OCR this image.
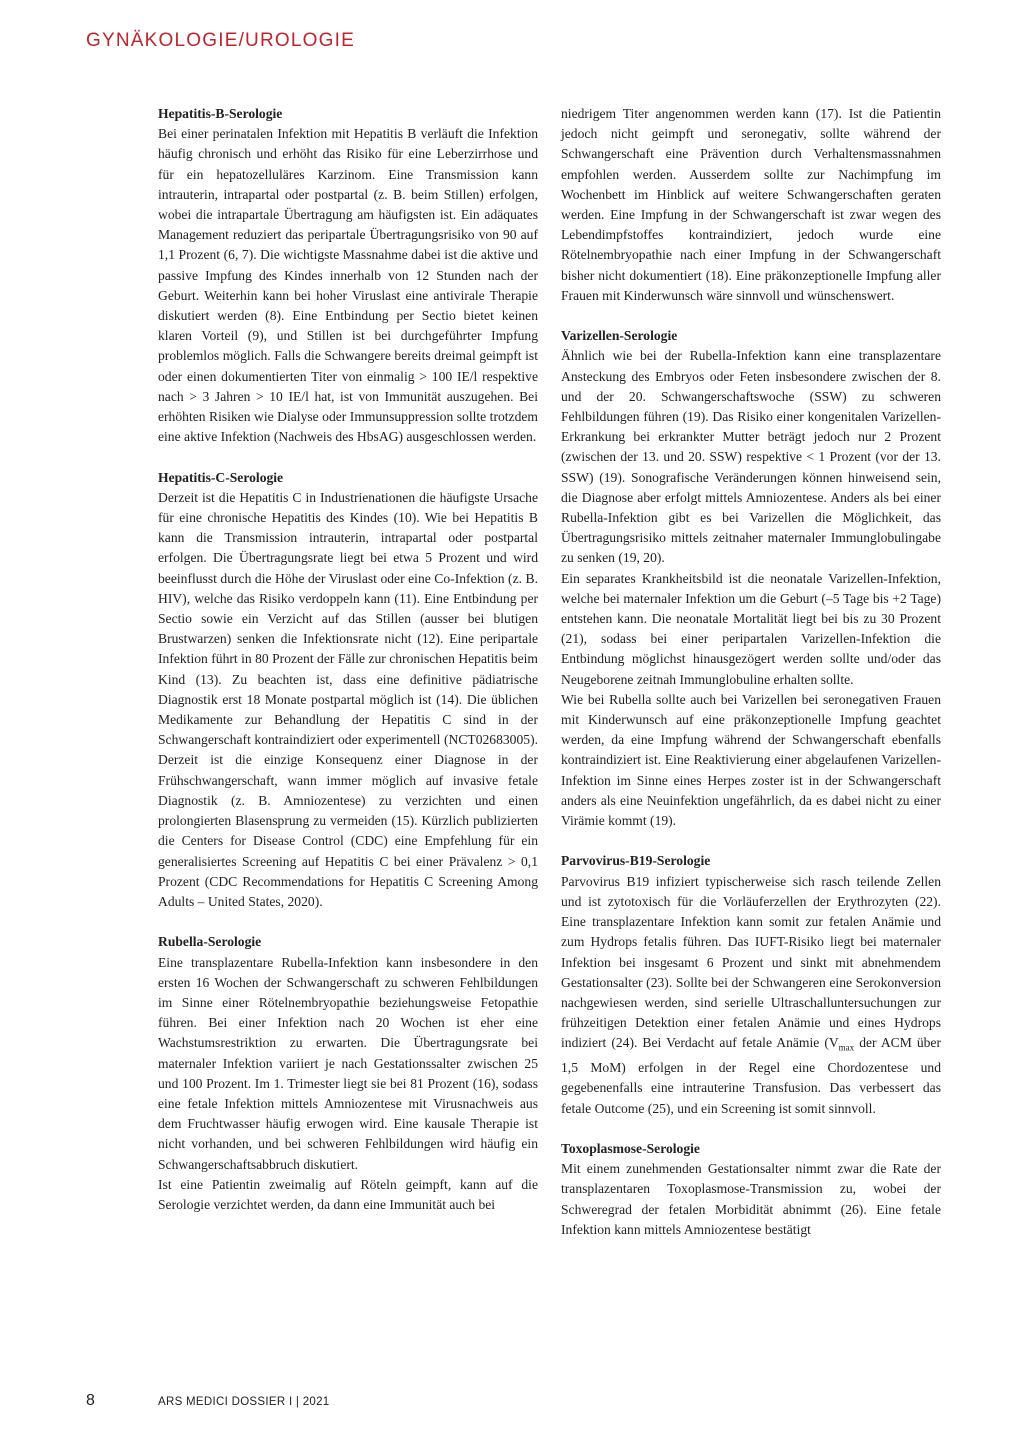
GYNÄKOLOGIE/UROLOGIE
Hepatitis-B-Serologie

Bei einer perinatalen Infektion mit Hepatitis B verläuft die Infektion häufig chronisch und erhöht das Risiko für eine Leberzirrhose und für ein hepatozelluläres Karzinom. Eine Transmission kann intrauterin, intrapartal oder postpartal (z. B. beim Stillen) erfolgen, wobei die intrapartale Übertragung am häufigsten ist. Ein adäquates Management reduziert das peripartale Übertragungsrisiko von 90 auf 1,1 Prozent (6, 7). Die wichtigste Massnahme dabei ist die aktive und passive Impfung des Kindes innerhalb von 12 Stunden nach der Geburt. Weiterhin kann bei hoher Viruslast eine antivirale Therapie diskutiert werden (8). Eine Entbindung per Sectio bietet keinen klaren Vorteil (9), und Stillen ist bei durchgeführter Impfung problemlos möglich. Falls die Schwangere bereits dreimal geimpft ist oder einen dokumentierten Titer von einmalig > 100 IE/l respektive nach > 3 Jahren > 10 IE/l hat, ist von Immunität auszugehen. Bei erhöhten Risiken wie Dialyse oder Immunsuppression sollte trotzdem eine aktive Infektion (Nachweis des HbsAG) ausgeschlossen werden.

Hepatitis-C-Serologie

Derzeit ist die Hepatitis C in Industrienationen die häufigste Ursache für eine chronische Hepatitis des Kindes (10). Wie bei Hepatitis B kann die Transmission intrauterin, intrapartal oder postpartal erfolgen. Die Übertragungsrate liegt bei etwa 5 Prozent und wird beeinflusst durch die Höhe der Viruslast oder eine Co-Infektion (z. B. HIV), welche das Risiko verdoppeln kann (11). Eine Entbindung per Sectio sowie ein Verzicht auf das Stillen (ausser bei blutigen Brustwarzen) senken die Infektionsrate nicht (12). Eine peripartale Infektion führt in 80 Prozent der Fälle zur chronischen Hepatitis beim Kind (13). Zu beachten ist, dass eine definitive pädiatrische Diagnostik erst 18 Monate postpartal möglich ist (14). Die üblichen Medikamente zur Behandlung der Hepatitis C sind in der Schwangerschaft kontraindiziert oder experimentell (NCT02683005). Derzeit ist die einzige Konsequenz einer Diagnose in der Frühschwangerschaft, wann immer möglich auf invasive fetale Diagnostik (z. B. Amniozentese) zu verzichten und einen prolongierten Blasensprung zu vermeiden (15). Kürzlich publizierten die Centers for Disease Control (CDC) eine Empfehlung für ein generalisiertes Screening auf Hepatitis C bei einer Prävalenz > 0,1 Prozent (CDC Recommendations for Hepatitis C Screening Among Adults – United States, 2020).

Rubella-Serologie

Eine transplazentare Rubella-Infektion kann insbesondere in den ersten 16 Wochen der Schwangerschaft zu schweren Fehlbildungen im Sinne einer Rötelnembryopathie beziehungsweise Fetopathie führen. Bei einer Infektion nach 20 Wochen ist eher eine Wachstumsrestriktion zu erwarten. Die Übertragungsrate bei maternaler Infektion variiert je nach Gestationssalter zwischen 25 und 100 Prozent. Im 1. Trimester liegt sie bei 81 Prozent (16), sodass eine fetale Infektion mittels Amniozentese mit Virusnachweis aus dem Fruchtwasser häufig erwogen wird. Eine kausale Therapie ist nicht vorhanden, und bei schweren Fehlbildungen wird häufig ein Schwangerschaftsabbruch diskutiert.

Ist eine Patientin zweimalig auf Röteln geimpft, kann auf die Serologie verzichtet werden, da dann eine Immunität auch bei

niedrigem Titer angenommen werden kann (17). Ist die Patientin jedoch nicht geimpft und seronegativ, sollte während der Schwangerschaft eine Prävention durch Verhaltensmassnahmen empfohlen werden. Ausserdem sollte zur Nachimpfung im Wochenbett im Hinblick auf weitere Schwangerschaften geraten werden. Eine Impfung in der Schwangerschaft ist zwar wegen des Lebendimpfstoffes kontraindiziert, jedoch wurde eine Rötelnembryopathie nach einer Impfung in der Schwangerschaft bisher nicht dokumentiert (18). Eine präkonzeptionelle Impfung aller Frauen mit Kinderwunsch wäre sinnvoll und wünschenswert.

Varizellen-Serologie

Ähnlich wie bei der Rubella-Infektion kann eine transplazentare Ansteckung des Embryos oder Feten insbesondere zwischen der 8. und der 20. Schwangerschaftswoche (SSW) zu schweren Fehlbildungen führen (19). Das Risiko einer kongenitalen Varizellen-Erkrankung bei erkrankter Mutter beträgt jedoch nur 2 Prozent (zwischen der 13. und 20. SSW) respektive < 1 Prozent (vor der 13. SSW) (19). Sonografische Veränderungen können hinweisend sein, die Diagnose aber erfolgt mittels Amniozentese. Anders als bei einer Rubella-Infektion gibt es bei Varizellen die Möglichkeit, das Übertragungsrisiko mittels zeitnaher maternaler Immunglobulingabe zu senken (19, 20).

Ein separates Krankheitsbild ist die neonatale Varizellen-Infektion, welche bei maternaler Infektion um die Geburt (–5 Tage bis +2 Tage) entstehen kann. Die neonatale Mortalität liegt bei bis zu 30 Prozent (21), sodass bei einer peripartalen Varizellen-Infektion die Entbindung möglichst hinausgezögert werden sollte und/oder das Neugeborene zeitnah Immunglobuline erhalten sollte.

Wie bei Rubella sollte auch bei Varizellen bei seronegativen Frauen mit Kinderwunsch auf eine präkonzeptionelle Impfung geachtet werden, da eine Impfung während der Schwangerschaft ebenfalls kontraindiziert ist. Eine Reaktivierung einer abgelaufenen Varizellen-Infektion im Sinne eines Herpes zoster ist in der Schwangerschaft anders als eine Neuinfektion ungefährlich, da es dabei nicht zu einer Virämie kommt (19).

Parvovirus-B19-Serologie

Parvovirus B19 infiziert typischerweise sich rasch teilende Zellen und ist zytotoxisch für die Vorläuferzellen der Erythrozyten (22). Eine transplazentare Infektion kann somit zur fetalen Anämie und zum Hydrops fetalis führen. Das IUFT-Risiko liegt bei maternaler Infektion bei insgesamt 6 Prozent und sinkt mit abnehmendem Gestationsalter (23). Sollte bei der Schwangeren eine Serokonversion nachgewiesen werden, sind serielle Ultraschalluntersuchungen zur frühzeitigen Detektion einer fetalen Anämie und eines Hydrops indiziert (24). Bei Verdacht auf fetale Anämie ($V_{max}$ der ACM über 1,5 MoM) erfolgen in der Regel eine Chordozentese und gegebenenfalls eine intrauterine Transfusion. Das verbessert das fetale Outcome (25), und ein Screening ist somit sinnvoll.

Toxoplasmose-Serologie

Mit einem zunehmenden Gestationsalter nimmt zwar die Rate der transplazentaren Toxoplasmose-Transmission zu, wobei der Schweregrad der fetalen Morbidität abnimmt (26). Eine fetale Infektion kann mittels Amniozentese bestätigt

8	ARS MEDICI DOSSIER I | 2021
